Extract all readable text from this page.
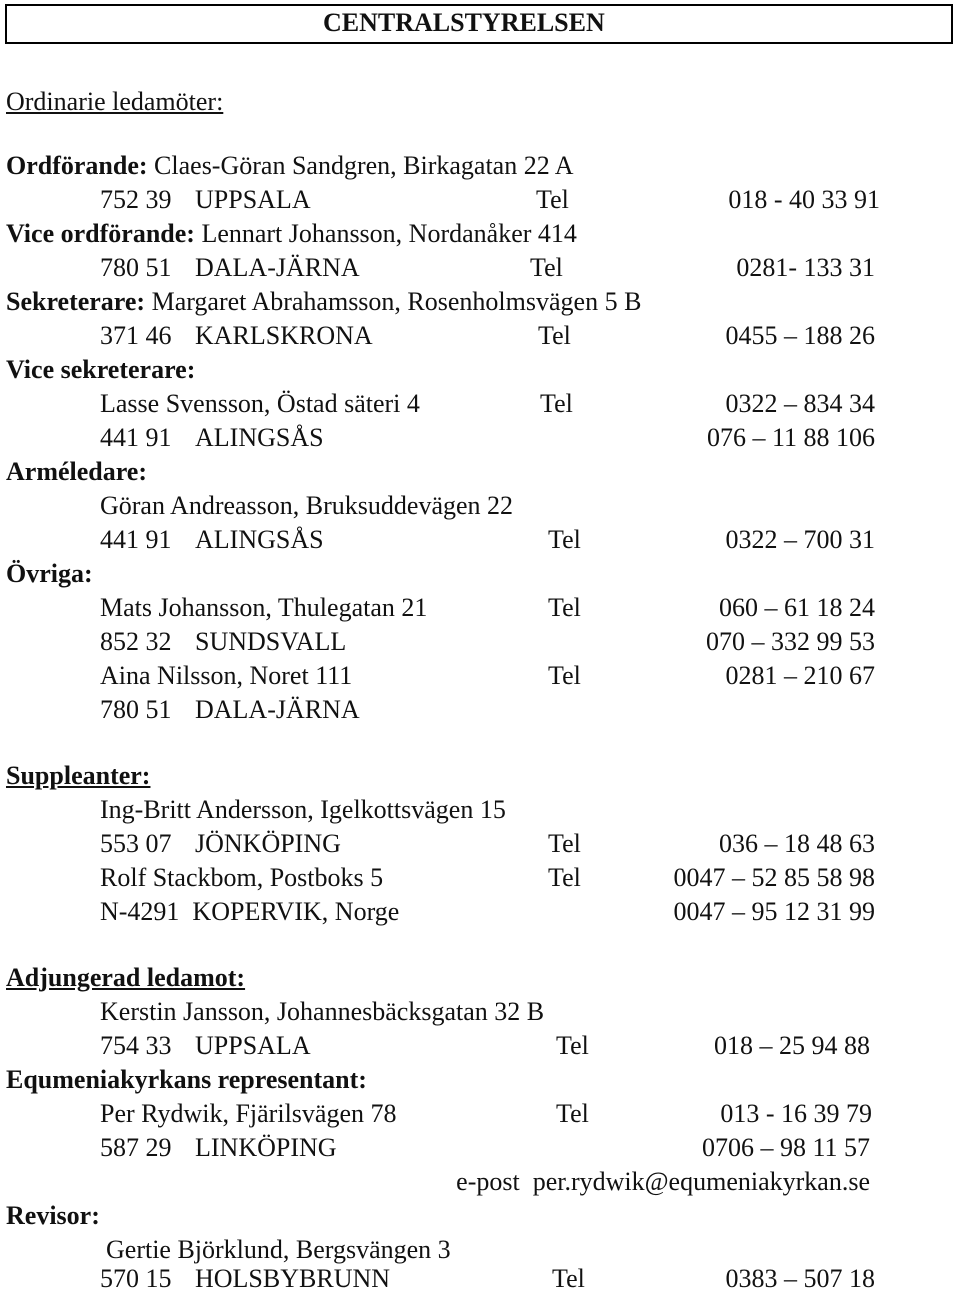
CENTRALSTYRELSEN
Ordinarie ledamöter:
Ordförande: Claes-Göran Sandgren, Birkagatan 22 A
752 39 UPPSALA	Tel	018 - 40 33 91
Vice ordförande: Lennart Johansson, Nordanåker 414
780 51 DALA-JÄRNA	Tel	0281- 133 31
Sekreterare: Margaret Abrahamsson, Rosenholmsvägen 5 B
371 46 KARLSKRONA	Tel	0455 – 188 26
Vice sekreterare:
Lasse Svensson, Östad säteri 4	Tel	0322 – 834 34
441 91 ALINGSÅS	076 – 11 88 106
Arméledare:
Göran Andreasson, Bruksuddevägen 22
441 91 ALINGSÅS	Tel	0322 – 700 31
Övriga:
Mats Johansson, Thulegatan 21	Tel	060 – 61 18 24
852 32 SUNDSVALL	070 – 332 99 53
Aina Nilsson, Noret 111	Tel	0281 – 210 67
780 51 DALA-JÄRNA
Suppleanter:
Ing-Britt Andersson, Igelkottsvägen 15
553 07 JÖNKÖPING	Tel	036 – 18 48 63
Rolf Stackbom, Postboks 5	Tel	0047 – 52 85 58 98
N-4291  KOPERVIK, Norge	0047 – 95 12 31 99
Adjungerad ledamot:
Kerstin Jansson, Johannesbäcksgatan 32 B
754 33 UPPSALA	Tel	018 – 25 94 88
Equmeniakyrkans representant:
Per Rydwik, Fjärilsvägen 78	Tel	013 - 16 39 79
587 29 LINKÖPING	0706 – 98 11 57
e-post  per.rydwik@equmeniakyrkan.se
Revisor:
Gertie Björklund, Bergsvängen 3
570 15 HOLSBYBRUNN	Tel	0383 – 507 18
